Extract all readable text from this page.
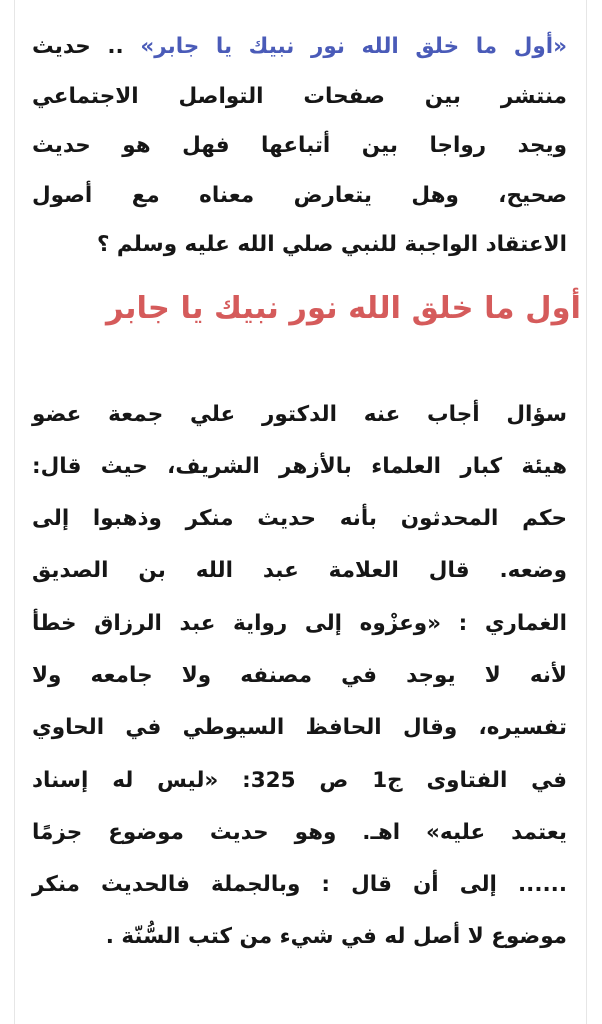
«أول ما خلق الله نور نبيك يا جابر» .. حديث
منتشر بين صفحات التواصل الاجتماعي
ويجد رواجا بين أتباعها فهل هو حديث
صحيح، وهل يتعارض معناه مع أصول
الاعتقاد الواجبة للنبي صلي الله عليه وسلم ؟
أول ما خلق الله نور نبيك يا جابر
سؤال أجاب عنه الدكتور علي جمعة عضو
هيئة كبار العلماء بالأزهر الشريف، حيث قال:
حكم المحدثون بأنه حديث منكر وذهبوا إلى
وضعه. قال العلامة عبد الله بن الصديق
الغماري : «وعزْوه إلى رواية عبد الرزاق خطأ
لأنه لا يوجد في مصنفه ولا جامعه ولا
تفسيره، وقال الحافظ السيوطي في الحاوي
في الفتاوى ج1 ص 325: «ليس له إسناد
يعتمد عليه» اهـ. وهو حديث موضوع جزمًا
...... إلى أن قال : وبالجملة فالحديث منكر
موضوع لا أصل له في شيء من كتب السُّنّة .
